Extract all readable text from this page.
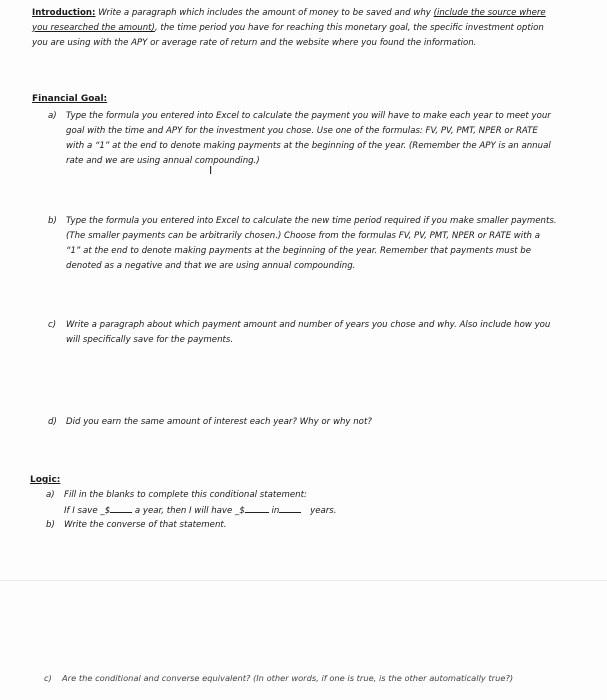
Introduction: Write a paragraph which includes the amount of money to be saved and why (include the source where
you researched the amount), the time period you have for reaching this monetary goal, the specific investment option
you are using with the APY or average rate of return and the website where you found the information.
Financial Goal:
a) Type the formula you entered into Excel to calculate the payment you will have to make each year to meet your
goal with the time and APY for the investment you chose. Use one of the formulas: FV, PV, PMT, NPER or RATE
with a “1” at the end to denote making payments at the beginning of the year. (Remember the APY is an annual
rate and we are using annual compounding.)
I
b) Type the formula you entered into Excel to calculate the new time period required if you make smaller payments.
(The smaller payments can be arbitrarily chosen.) Choose from the formulas FV, PV, PMT, NPER or RATE with a
“1” at the end to denote making payments at the beginning of the year. Remember that payments must be
denoted as a negative and that we are using annual compounding.
c) Write a paragraph about which payment amount and number of years you chose and why. Also include how you
will specifically save for the payments.
d) Did you earn the same amount of interest each year? Why or why not?
Logic:
a) Fill in the blanks to complete this conditional statement:
If I save _$	a year, then I will have _$	in	years.
b) Write the converse of that statement.
c) Are the conditional and converse equivalent? (In other words, if one is true, is the other automatically true?)
